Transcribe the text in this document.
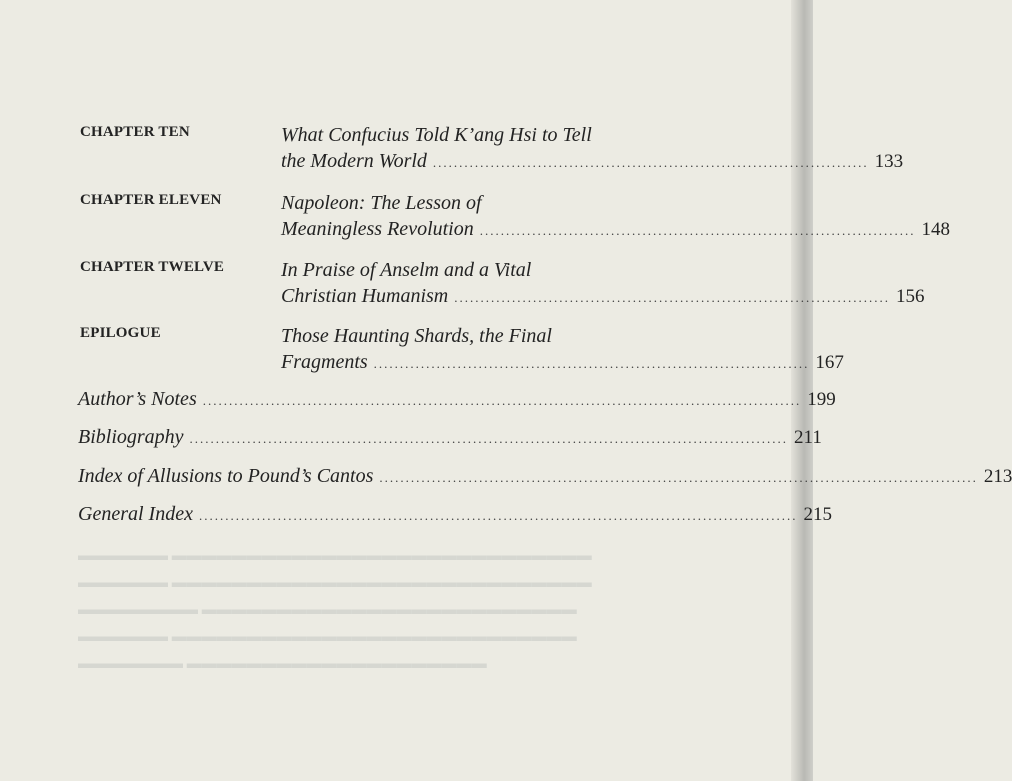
▬▬▬▬▬▬ ▬▬▬▬▬▬▬▬▬▬▬▬▬▬▬▬▬▬▬▬▬▬▬▬▬▬▬▬
▬▬▬▬▬▬ ▬▬▬▬▬▬▬▬▬▬▬▬▬▬▬▬▬▬▬▬▬▬▬▬▬▬▬▬
▬▬▬▬▬▬▬▬ ▬▬▬▬▬▬▬▬▬▬▬▬▬▬▬▬▬▬▬▬▬▬▬▬▬
▬▬▬▬▬▬ ▬▬▬▬▬▬▬▬▬▬▬▬▬▬▬▬▬▬▬▬▬▬▬▬▬▬▬
▬▬▬▬▬▬▬ ▬▬▬▬▬▬▬▬▬▬▬▬▬▬▬▬▬▬▬▬
CHAPTER TEN	What Confucius Told K’ang Hsi to Tell
the Modern World ................................................................................... 133
CHAPTER ELEVEN	Napoleon: The Lesson of
Meaningless Revolution ................................................................................... 148
CHAPTER TWELVE	In Praise of Anselm and a Vital
Christian Humanism ................................................................................... 156
EPILOGUE	Those Haunting Shards, the Final
Fragments ................................................................................... 167
Author’s Notes .................................................................................................................. 199
Bibliography .................................................................................................................. 211
Index of Allusions to Pound’s Cantos .................................................................................................................. 213
General Index .................................................................................................................. 215
